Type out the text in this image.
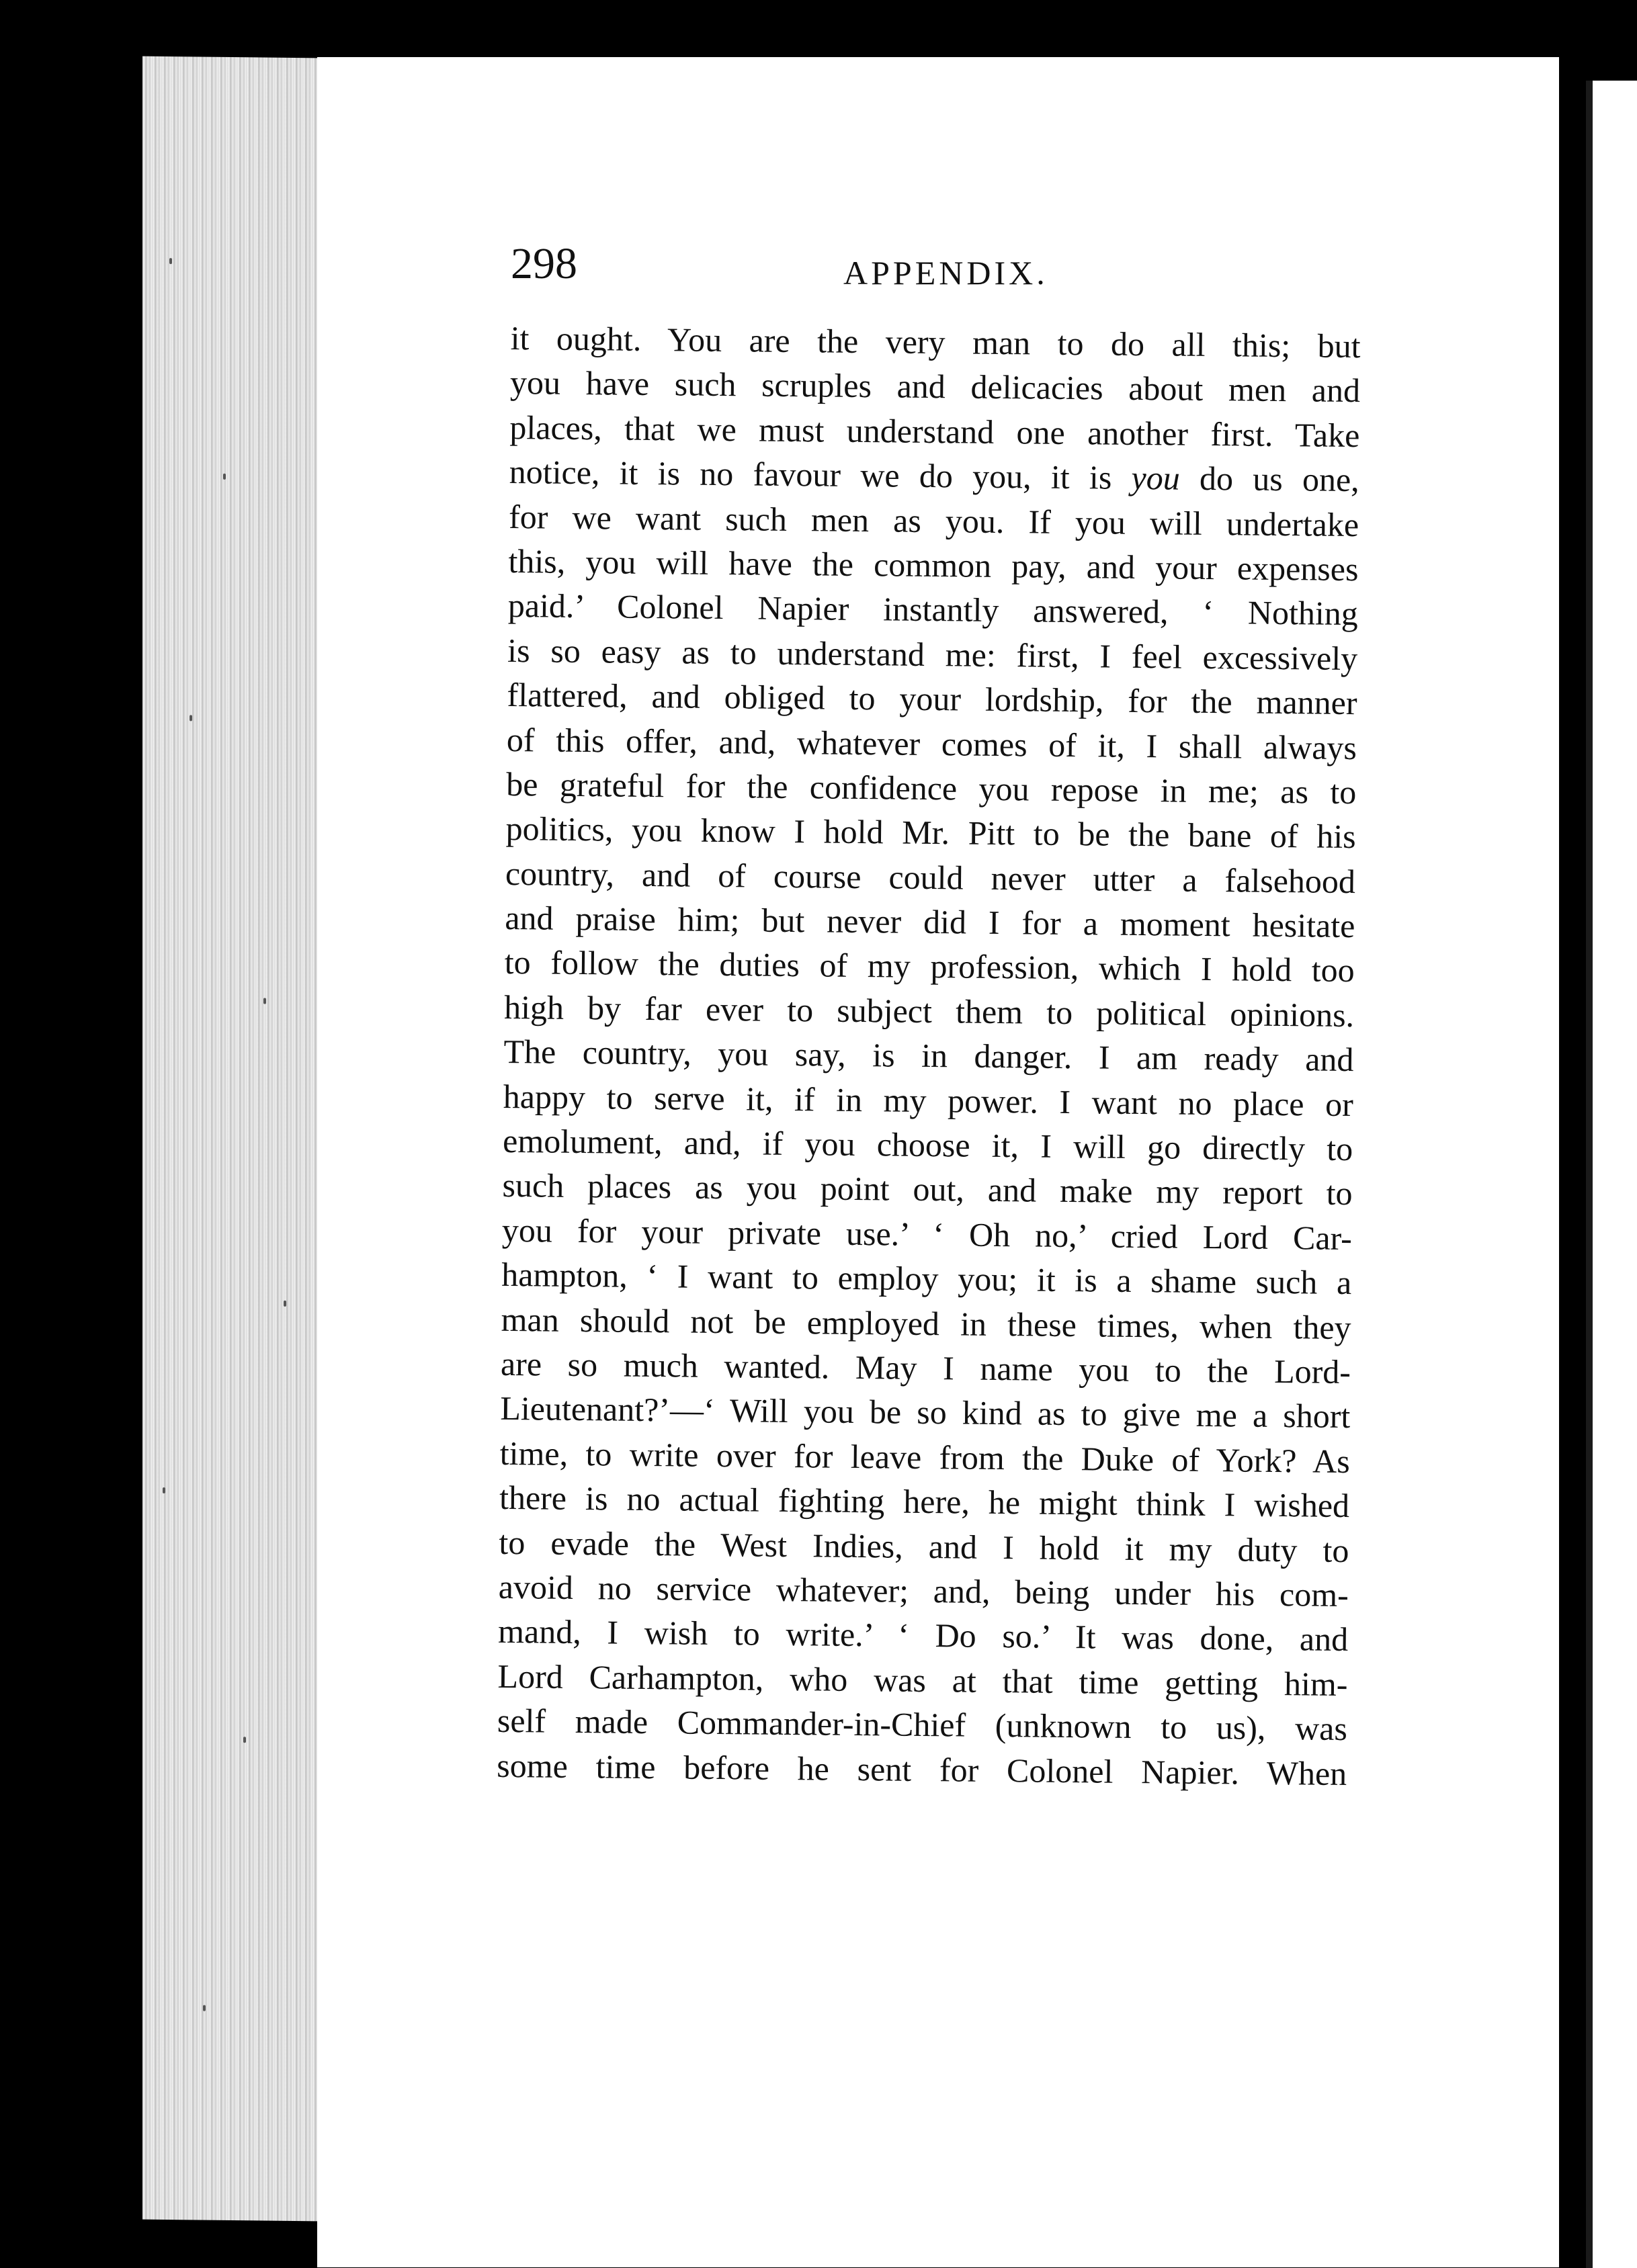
298	APPENDIX.
it ought. You are the very man to do all this; but
you have such scruples and delicacies about men and
places, that we must understand one another first. Take
notice, it is no favour we do you, it is you do us one,
for we want such men as you. If you will undertake
this, you will have the common pay, and your expenses
paid.’ Colonel Napier instantly answered, ‘ Nothing
is so easy as to understand me: first, I feel excessively
flattered, and obliged to your lordship, for the manner
of this offer, and, whatever comes of it, I shall always
be grateful for the confidence you repose in me; as to
politics, you know I hold Mr. Pitt to be the bane of his
country, and of course could never utter a falsehood
and praise him; but never did I for a moment hesitate
to follow the duties of my profession, which I hold too
high by far ever to subject them to political opinions.
The country, you say, is in danger. I am ready and
happy to serve it, if in my power. I want no place or
emolument, and, if you choose it, I will go directly to
such places as you point out, and make my report to
you for your private use.’ ‘ Oh no,’ cried Lord Car-
hampton, ‘ I want to employ you; it is a shame such a
man should not be employed in these times, when they
are so much wanted. May I name you to the Lord-
Lieutenant?’—‘ Will you be so kind as to give me a short
time, to write over for leave from the Duke of York? As
there is no actual fighting here, he might think I wished
to evade the West Indies, and I hold it my duty to
avoid no service whatever; and, being under his com-
mand, I wish to write.’ ‘ Do so.’ It was done, and
Lord Carhampton, who was at that time getting him-
self made Commander-in-Chief (unknown to us), was
some time before he sent for Colonel Napier. When
